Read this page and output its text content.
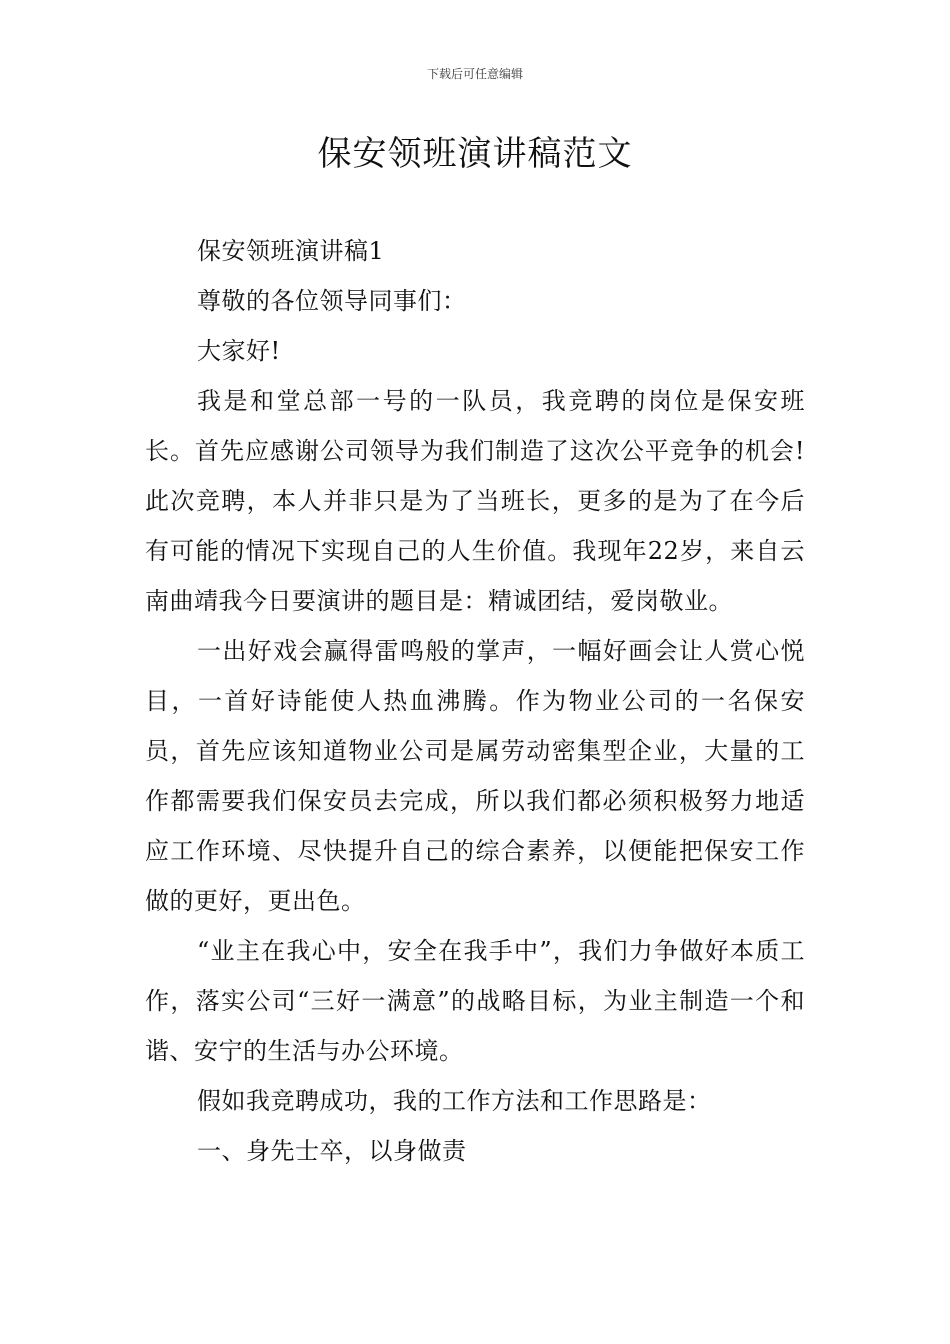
下载后可任意编辑
保安领班演讲稿范文

保安领班演讲稿1

尊敬的各位领导同事们：

大家好!

我是和堂总部一号的一队员，我竞聘的岗位是保安班长。首先应感谢公司领导为我们制造了这次公平竞争的机会!此次竞聘，本人并非只是为了当班长，更多的是为了在今后有可能的情况下实现自己的人生价值。我现年22岁，来自云南曲靖我今日要演讲的题目是：精诚团结，爱岗敬业。

一出好戏会赢得雷鸣般的掌声，一幅好画会让人赏心悦目，一首好诗能使人热血沸腾。作为物业公司的一名保安员，首先应该知道物业公司是属劳动密集型企业，大量的工作都需要我们保安员去完成，所以我们都必须积极努力地适应工作环境、尽快提升自己的综合素养，以便能把保安工作做的更好，更出色。

“业主在我心中，安全在我手中”，我们力争做好本质工作，落实公司“三好一满意”的战略目标，为业主制造一个和谐、安宁的生活与办公环境。

假如我竞聘成功，我的工作方法和工作思路是：

一、身先士卒，以身做责
